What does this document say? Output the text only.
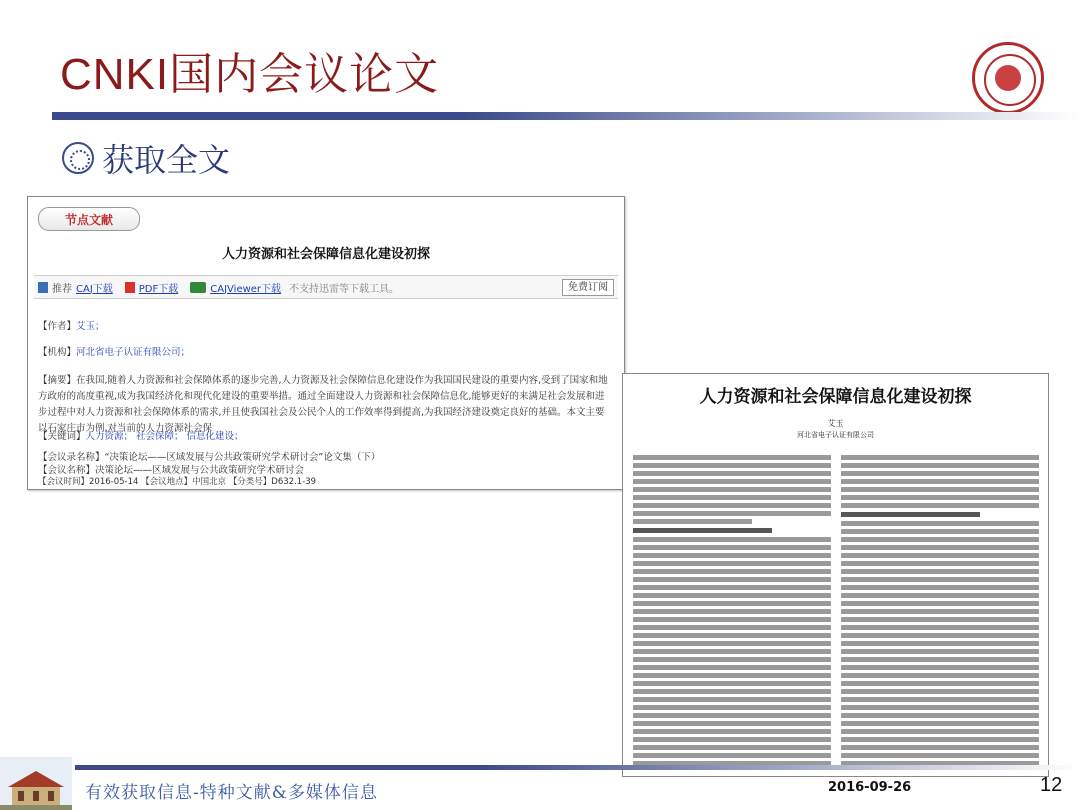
CNKI国内会议论文
获取全文
节点文献
人力资源和社会保障信息化建设初探
推荐 CAJ下载	PDF下载	CAJViewer下载 不支持迅雷等下载工具。	免费订阅
【作者】艾玉；
【机构】河北省电子认证有限公司；
【摘要】在我国,随着人力资源和社会保障体系的逐步完善,人力资源及社会保障信息化建设作为我国国民建设的重要内容,受到了国家和地方政府的高度重视,成为我国经济化和现代化建设的重要举措。通过全面建设人力资源和社会保障信息化,能够更好的来满足社会发展和进步过程中对人力资源和社会保障体系的需求,并且使我国社会及公民个人的工作效率得到提高,为我国经济建设奠定良好的基础。本文主要以石家庄市为例,对当前的人力资源社会保
【关键词】人力资源； 社会保障； 信息化建设；
【会议录名称】“决策论坛——区域发展与公共政策研究学术研讨会”论文集（下）
【会议名称】决策论坛——区域发展与公共政策研究学术研讨会
【会议时间】2016-05-14 【会议地点】中国北京 【分类号】D632.1-39
人力资源和社会保障信息化建设初探
艾玉
河北省电子认证有限公司
有效获取信息-特种文献&多媒体信息	2016-09-26	12
